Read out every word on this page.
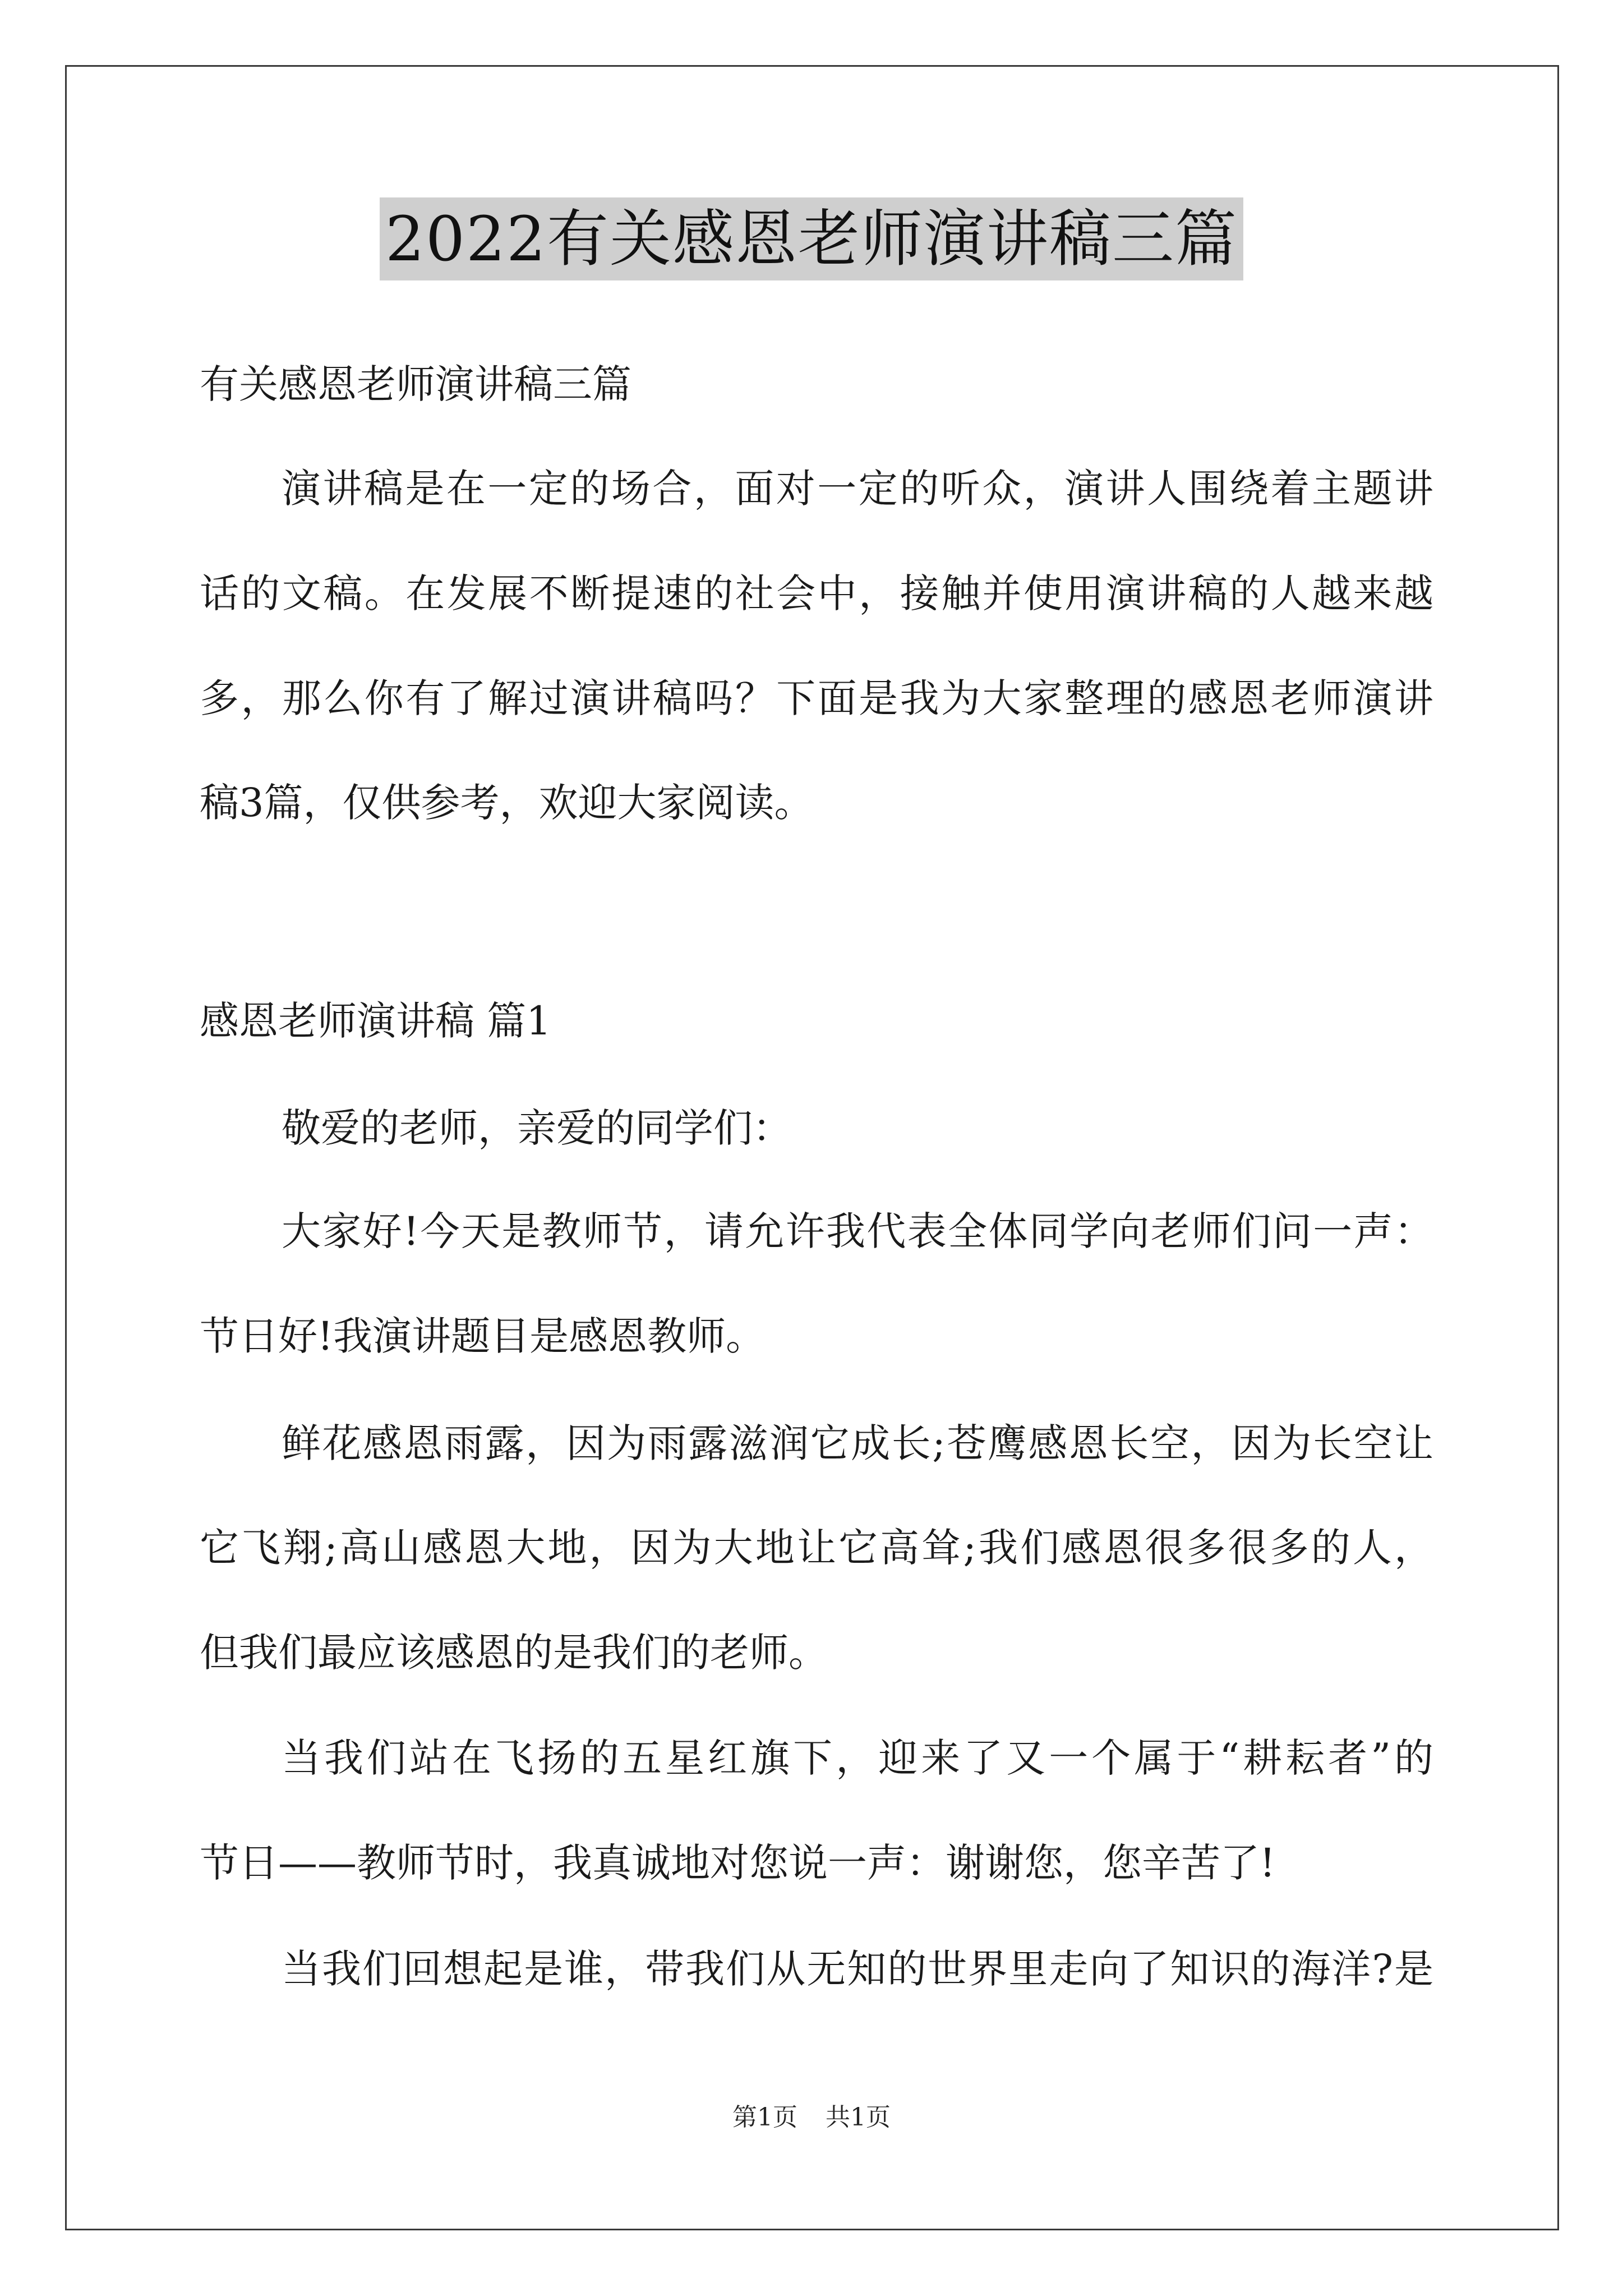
2022有关感恩老师演讲稿三篇
有关感恩老师演讲稿三篇
演讲稿是在一定的场合，面对一定的听众，演讲人围绕着主题讲
话的文稿。在发展不断提速的社会中，接触并使用演讲稿的人越来越
多，那么你有了解过演讲稿吗？下面是我为大家整理的感恩老师演讲
稿3篇，仅供参考，欢迎大家阅读。
感恩老师演讲稿 篇1
敬爱的老师，亲爱的同学们：
大家好!今天是教师节，请允许我代表全体同学向老师们问一声：
节日好!我演讲题目是感恩教师。
鲜花感恩雨露，因为雨露滋润它成长;苍鹰感恩长空，因为长空让
它飞翔;高山感恩大地，因为大地让它高耸;我们感恩很多很多的人，
但我们最应该感恩的是我们的老师。
当我们站在飞扬的五星红旗下，迎来了又一个属于“耕耘者”的
节日——教师节时，我真诚地对您说一声：谢谢您，您辛苦了!
当我们回想起是谁，带我们从无知的世界里走向了知识的海洋?是
第1页 共1页
